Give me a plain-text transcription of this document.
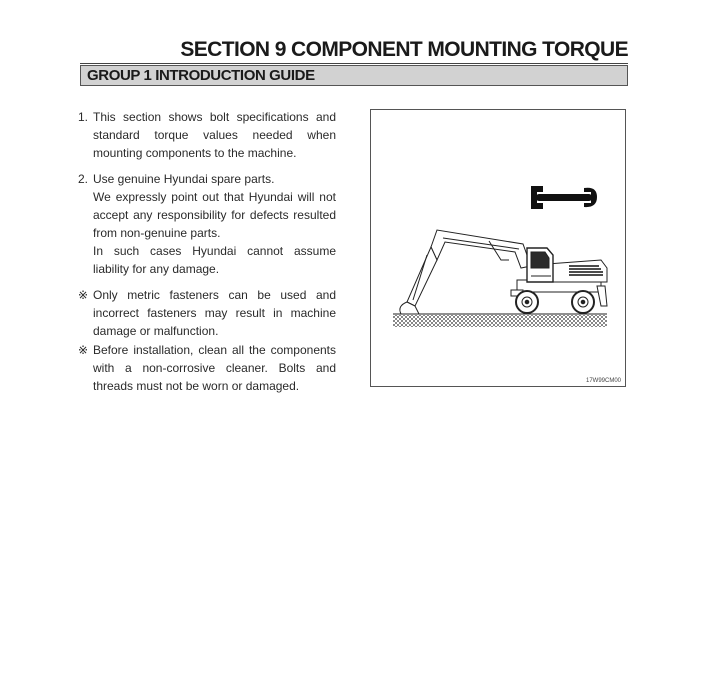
SECTION 9 COMPONENT MOUNTING TORQUE
GROUP 1 INTRODUCTION GUIDE
1. This section shows bolt specifications and standard torque values needed when mounting components to the machine.

2. Use genuine Hyundai spare parts.

We expressly point out that Hyundai will not accept any responsibility for defects resulted from non-genuine parts.

In such cases Hyundai cannot assume liability for any damage.

※ Only metric fasteners can be used and incorrect fasteners may result in machine damage or malfunction.

※ Before installation, clean all the components with a non-corrosive cleaner. Bolts and threads must not be worn or damaged.	17W99CM00
